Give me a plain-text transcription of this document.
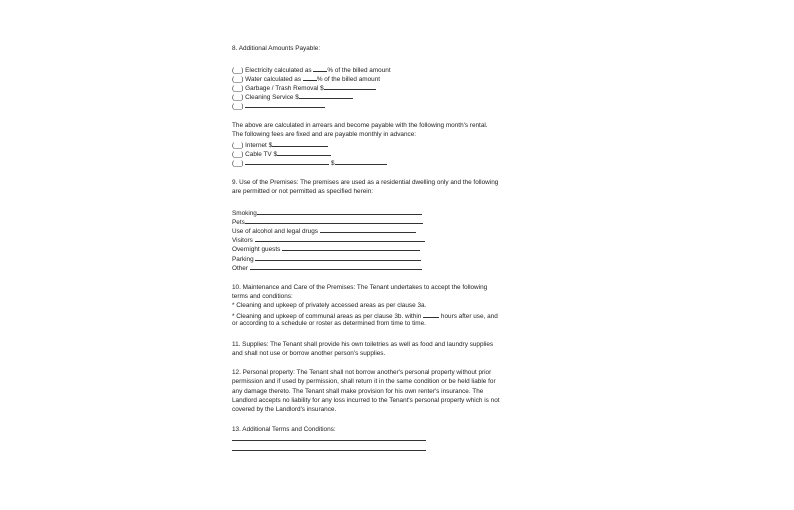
8. Additional Amounts Payable:
(__) Electricity calculated as % of the billed amount
(__) Water calculated as % of the billed amount
(__) Garbage / Trash Removal $
(__) Cleaning Service $
(__)
The above are calculated in arrears and become payable with the following month's rental.
The following fees are fixed and are payable monthly in advance:
(__) Internet $
(__) Cable TV $
(__)	$
9. Use of the Premises: The premises are used as a residential dwelling only and the following
are permitted or not permitted as specified herein:
Smoking
Pets
Use of alcohol and legal drugs
Visitors
Overnight guests
Parking
Other
10. Maintenance and Care of the Premises: The Tenant undertakes to accept the following
terms and conditions:
* Cleaning and upkeep of privately accessed areas as per clause 3a.
* Cleaning and upkeep of communal areas as per clause 3b. within	hours after use, and
or according to a schedule or roster as determined from time to time.
11. Supplies: The Tenant shall provide his own toiletries as well as food and laundry supplies
and shall not use or borrow another person's supplies.
12. Personal property: The Tenant shall not borrow another's personal property without prior
permission and if used by permission, shall return it in the same condition or be held liable for
any damage thereto. The Tenant shall make provision for his own renter's insurance. The
Landlord accepts no liability for any loss incurred to the Tenant's personal property which is not
covered by the Landlord's insurance.
13. Additional Terms and Conditions:
